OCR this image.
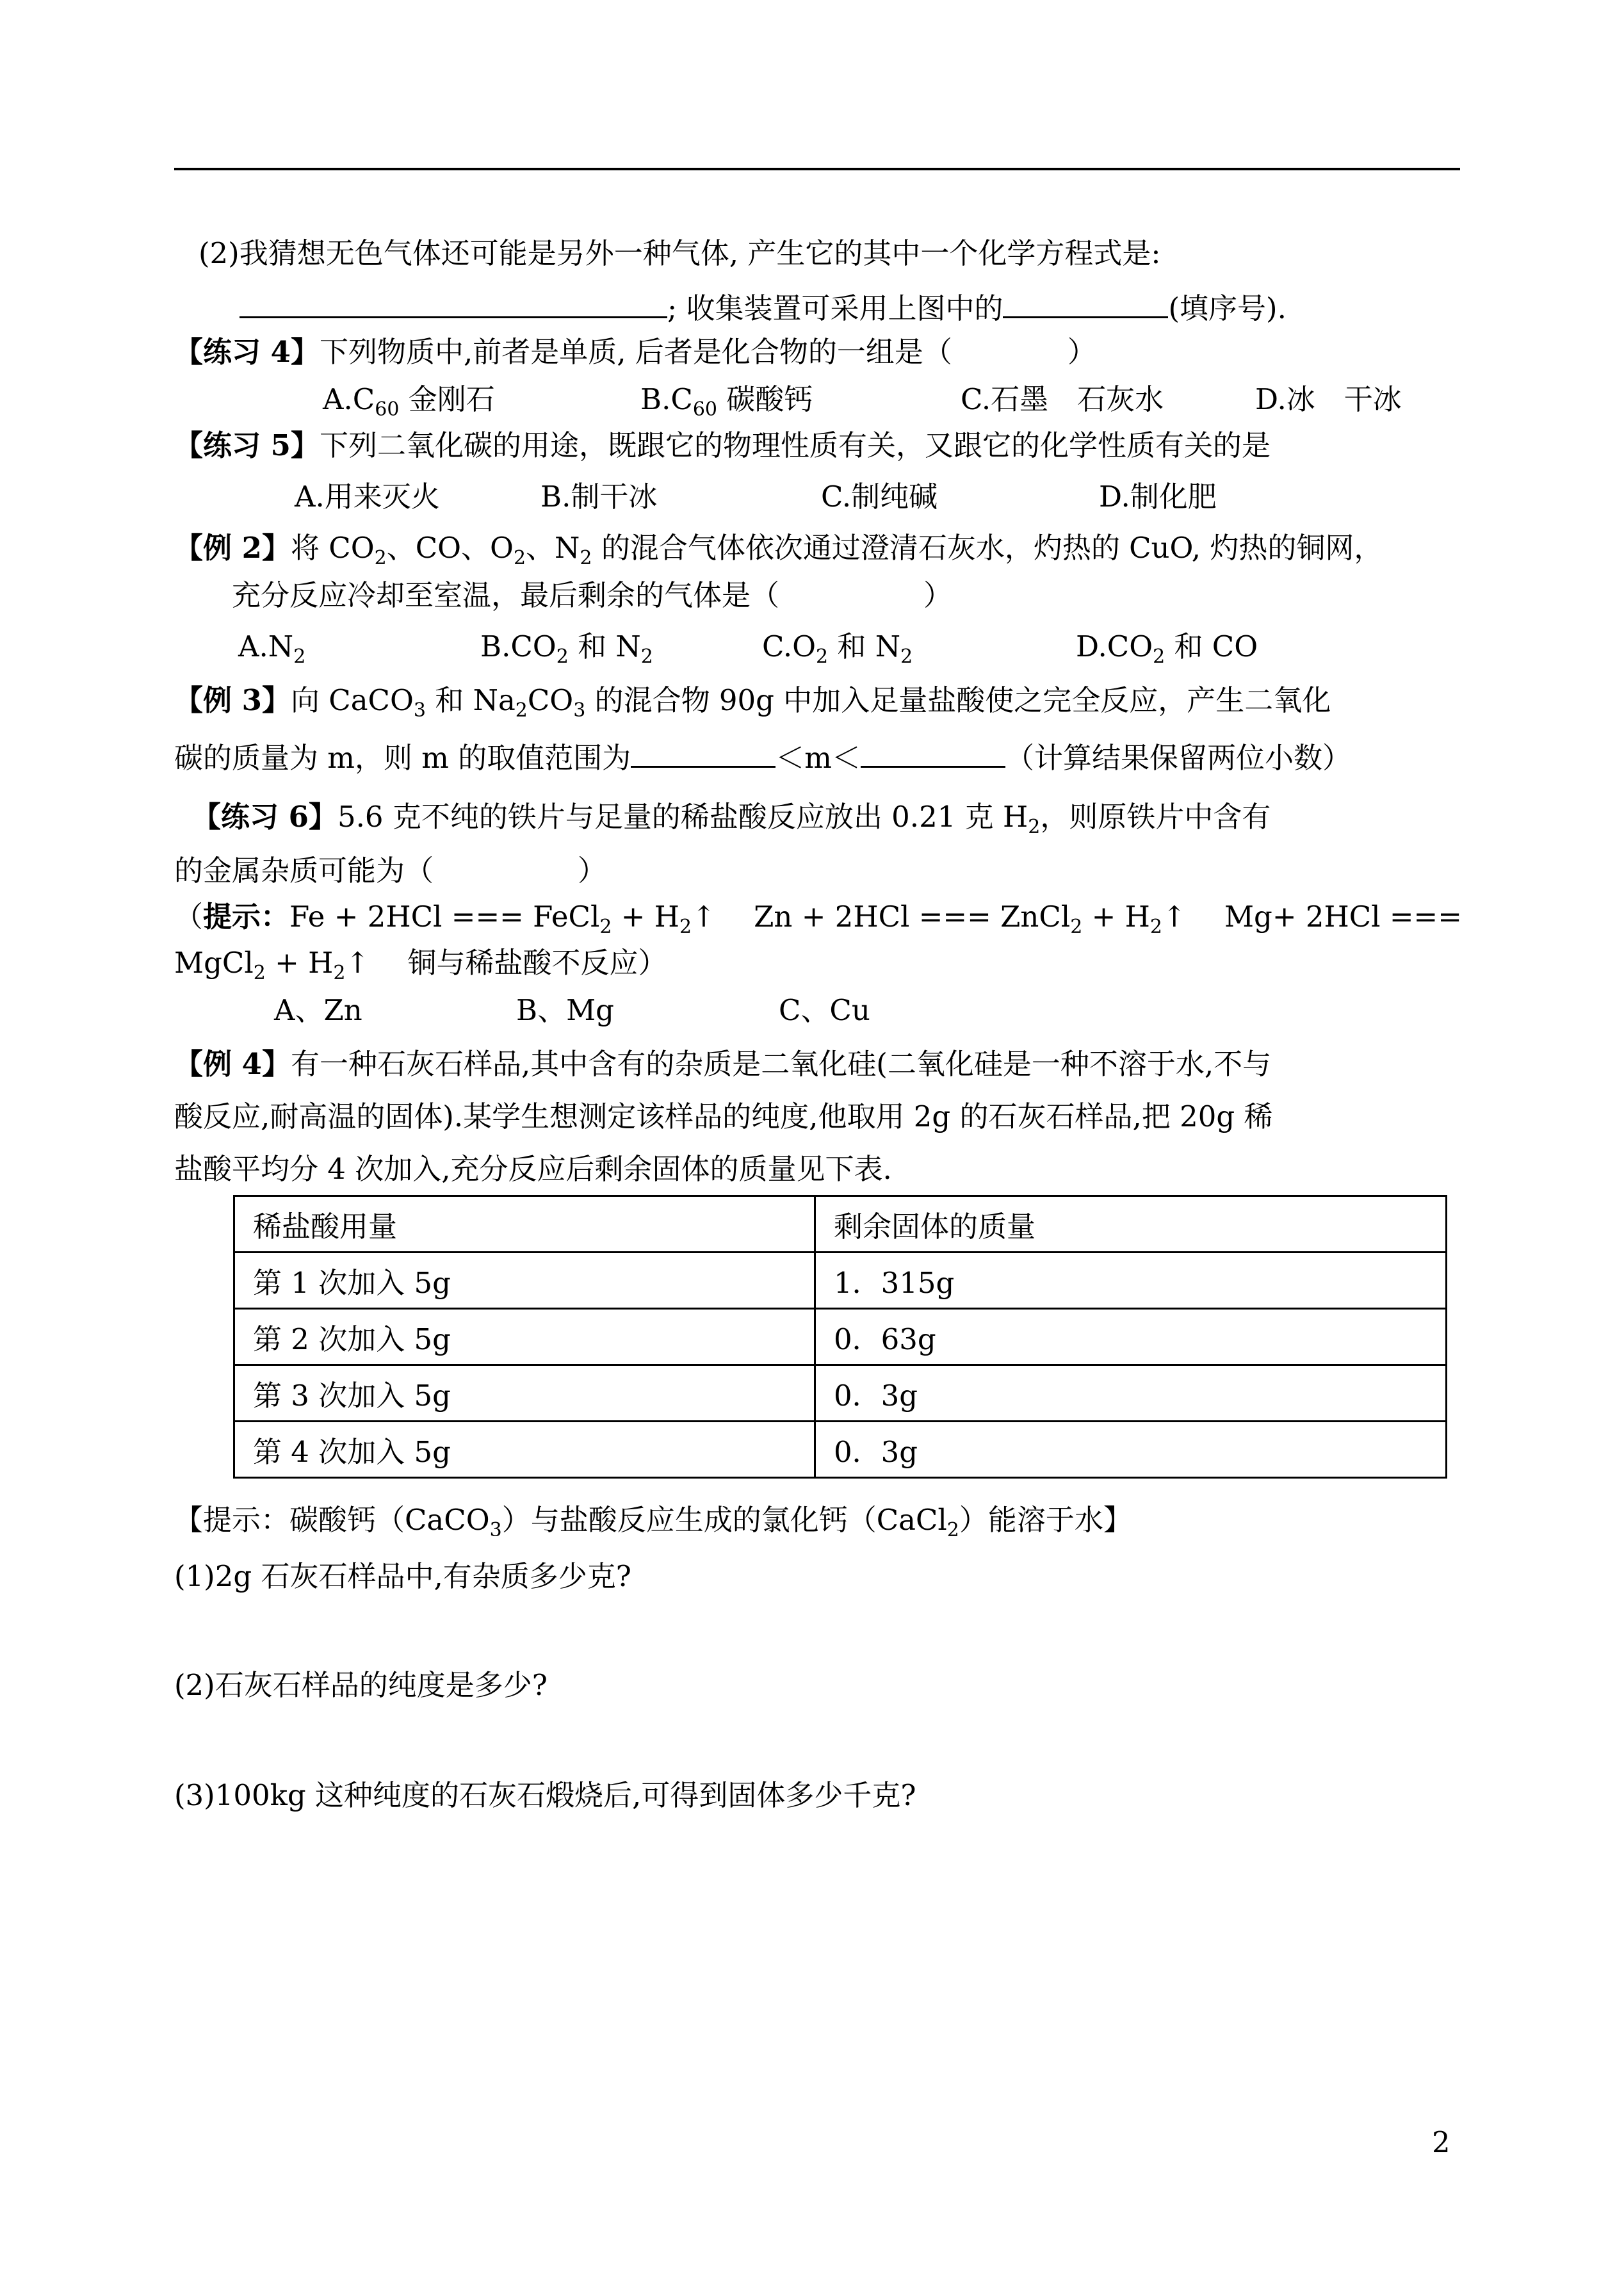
(2)我猜想无色气体还可能是另外一种气体, 产生它的其中一个化学方程式是:
; 收集装置可采用上图中的	(填序号).
【练习 4】下列物质中,前者是单质, 后者是化合物的一组是（　　　　）
$A.C_{60}$ 金刚石	$B.C_{60}$ 碳酸钙	C.石墨　石灰水	D.冰　干冰
【练习 5】下列二氧化碳的用途，既跟它的物理性质有关，又跟它的化学性质有关的是
A.用来灭火	B.制干冰	C.制纯碱	D.制化肥
【例 2】将 $CO_2$、CO、$O_2$、$N_2$ 的混合气体依次通过澄清石灰水，灼热的 CuO, 灼热的铜网，
充分反应冷却至室温，最后剩余的气体是（　　　　　）
$A.N_2$	$B.CO_2$ 和 $N_2$	$C.O_2$ 和 $N_2$	$D.CO_2$ 和 CO
【例 3】向 CaCO$_3$ 和 $Na_2CO_3$ 的混合物 90g 中加入足量盐酸使之完全反应，产生二氧化
碳的质量为 m，则 m 的取值范围为	＜m＜	（计算结果保留两位小数）
【练习 6】5.6 克不纯的铁片与足量的稀盐酸反应放出 0.21 克 $H_2$，则原铁片中含有
的金属杂质可能为（　　　　　）
（提示：Fe + 2HCl === FeCl$_2$ + $H_2↑$　 Zn + 2HCl === ZnCl$_2$ + $H_2↑$　 Mg+ 2HCl ===
MgCl$_2$ + $H_2↑$　 铜与稀盐酸不反应）
A、Zn	B、Mg	C、Cu
【例 4】有一种石灰石样品,其中含有的杂质是二氧化硅(二氧化硅是一种不溶于水,不与
酸反应,耐高温的固体).某学生想测定该样品的纯度,他取用 2g 的石灰石样品,把 20g 稀
盐酸平均分 4 次加入,充分反应后剩余固体的质量见下表.
稀盐酸用量	剩余固体的质量
第 1 次加入 5g	1．315g
第 2 次加入 5g	0．63g
第 3 次加入 5g	0．3g
第 4 次加入 5g	0．3g
【提示：碳酸钙（CaCO$_3$）与盐酸反应生成的氯化钙（CaCl$_2$）能溶于水】
(1)2g 石灰石样品中,有杂质多少克?
(2)石灰石样品的纯度是多少?
(3)100kg 这种纯度的石灰石煅烧后,可得到固体多少千克?
2
